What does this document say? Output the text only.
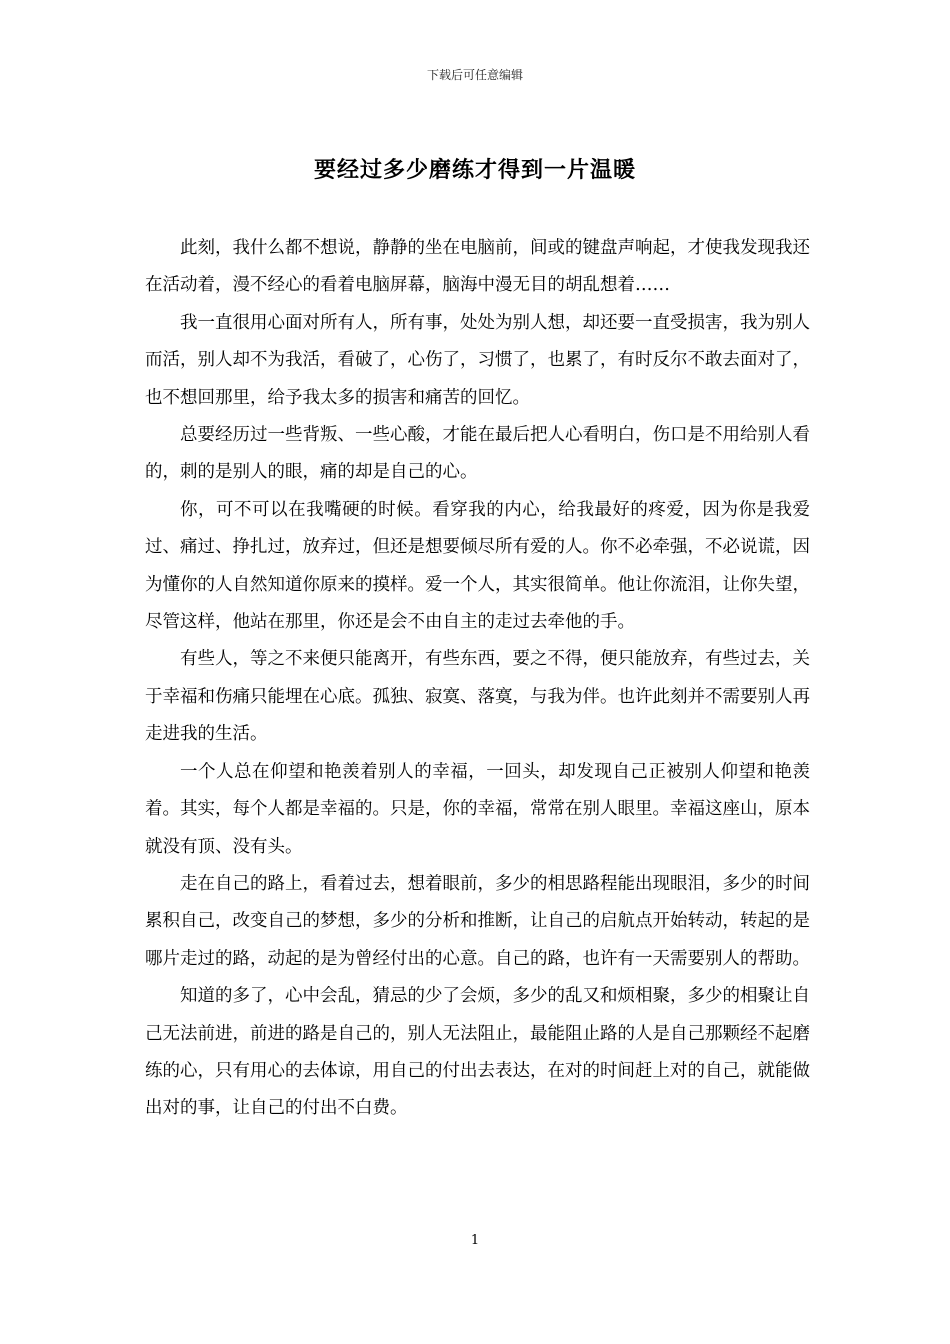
下载后可任意编辑
要经过多少磨练才得到一片温暖

此刻，我什么都不想说，静静的坐在电脑前，间或的键盘声响起，才使我发现我还在活动着，漫不经心的看着电脑屏幕，脑海中漫无目的胡乱想着……

我一直很用心面对所有人，所有事，处处为别人想，却还要一直受损害，我为别人而活，别人却不为我活，看破了，心伤了，习惯了，也累了，有时反尔不敢去面对了，也不想回那里，给予我太多的损害和痛苦的回忆。

总要经历过一些背叛、一些心酸，才能在最后把人心看明白，伤口是不用给别人看的，刺的是别人的眼，痛的却是自己的心。

你，可不可以在我嘴硬的时候。看穿我的内心，给我最好的疼爱，因为你是我爱过、痛过、挣扎过，放弃过，但还是想要倾尽所有爱的人。你不必牵强，不必说谎，因为懂你的人自然知道你原来的摸样。爱一个人，其实很简单。他让你流泪，让你失望，尽管这样，他站在那里，你还是会不由自主的走过去牵他的手。

有些人，等之不来便只能离开，有些东西，要之不得，便只能放弃，有些过去，关于幸福和伤痛只能埋在心底。孤独、寂寞、落寞，与我为伴。也许此刻并不需要别人再走进我的生活。

一个人总在仰望和艳羡着别人的幸福，一回头，却发现自己正被别人仰望和艳羡着。其实，每个人都是幸福的。只是，你的幸福，常常在别人眼里。幸福这座山，原本就没有顶、没有头。

走在自己的路上，看着过去，想着眼前，多少的相思路程能出现眼泪，多少的时间累积自己，改变自己的梦想，多少的分析和推断，让自己的启航点开始转动，转起的是哪片走过的路，动起的是为曾经付出的心意。自己的路，也许有一天需要别人的帮助。

知道的多了，心中会乱，猜忌的少了会烦，多少的乱又和烦相聚，多少的相聚让自己无法前进，前进的路是自己的，别人无法阻止，最能阻止路的人是自己那颗经不起磨练的心，只有用心的去体谅，用自己的付出去表达，在对的时间赶上对的自己，就能做出对的事，让自己的付出不白费。

1
